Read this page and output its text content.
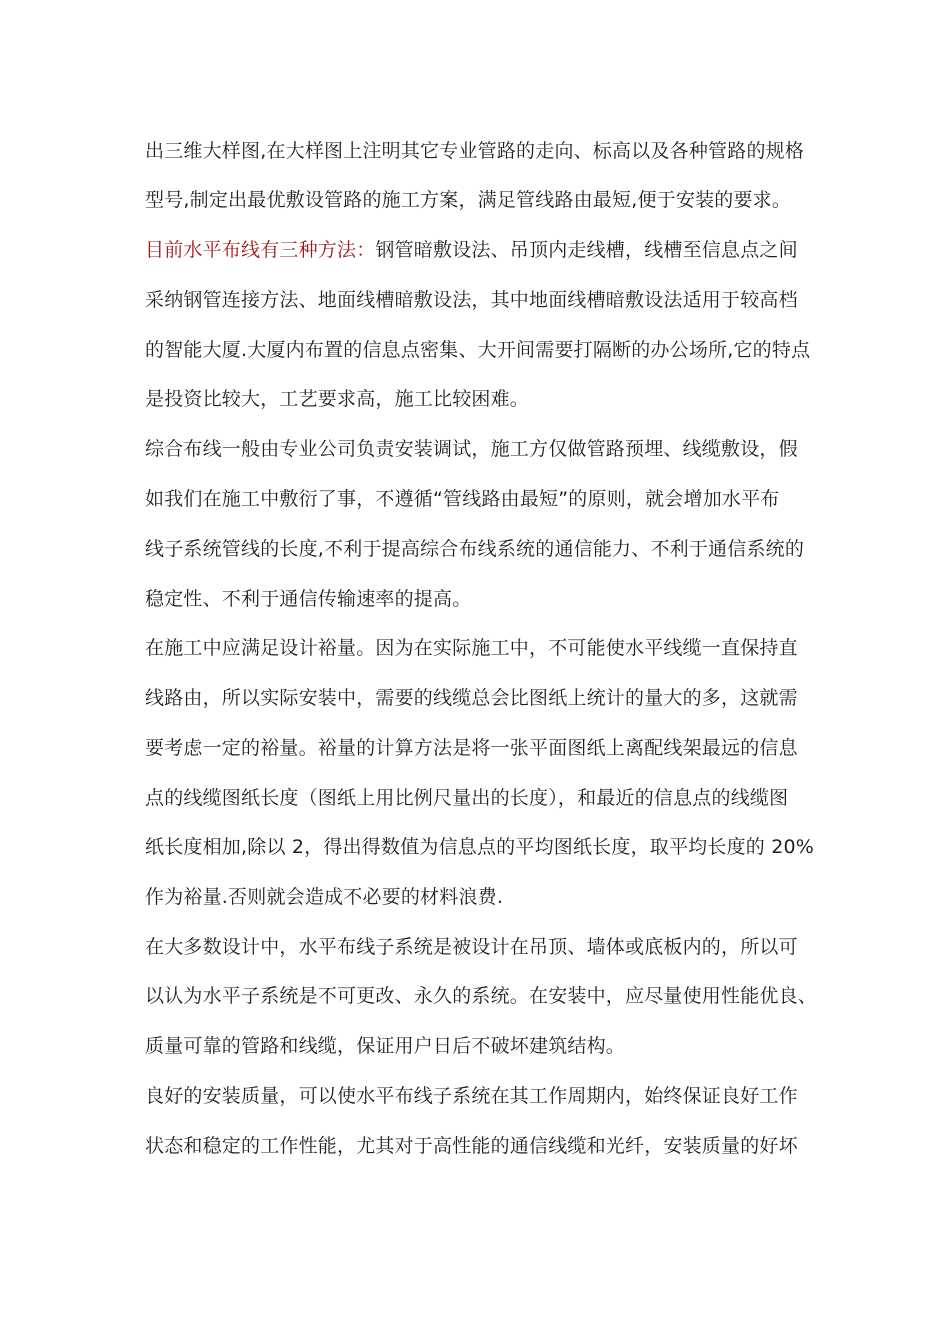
出三维大样图,在大样图上注明其它专业管路的走向、标高以及各种管路的规格
型号,制定出最优敷设管路的施工方案，满足管线路由最短,便于安装的要求。
目前水平布线有三种方法：钢管暗敷设法、吊顶内走线槽，线槽至信息点之间
采纳钢管连接方法、地面线槽暗敷设法，其中地面线槽暗敷设法适用于较高档
的智能大厦.大厦内布置的信息点密集、大开间需要打隔断的办公场所,它的特点
是投资比较大，工艺要求高，施工比较困难。
综合布线一般由专业公司负责安装调试，施工方仅做管路预埋、线缆敷设，假
如我们在施工中敷衍了事，不遵循“管线路由最短”的原则，就会增加水平布
线子系统管线的长度,不利于提高综合布线系统的通信能力、不利于通信系统的
稳定性、不利于通信传输速率的提高。
在施工中应满足设计裕量。因为在实际施工中，不可能使水平线缆一直保持直
线路由，所以实际安装中，需要的线缆总会比图纸上统计的量大的多，这就需
要考虑一定的裕量。裕量的计算方法是将一张平面图纸上离配线架最远的信息
点的线缆图纸长度（图纸上用比例尺量出的长度），和最近的信息点的线缆图
纸长度相加,除以 2，得出得数值为信息点的平均图纸长度，取平均长度的 20%
作为裕量.否则就会造成不必要的材料浪费.
在大多数设计中，水平布线子系统是被设计在吊顶、墙体或底板内的，所以可
以认为水平子系统是不可更改、永久的系统。在安装中，应尽量使用性能优良、
质量可靠的管路和线缆，保证用户日后不破坏建筑结构。
良好的安装质量，可以使水平布线子系统在其工作周期内，始终保证良好工作
状态和稳定的工作性能，尤其对于高性能的通信线缆和光纤，安装质量的好坏
